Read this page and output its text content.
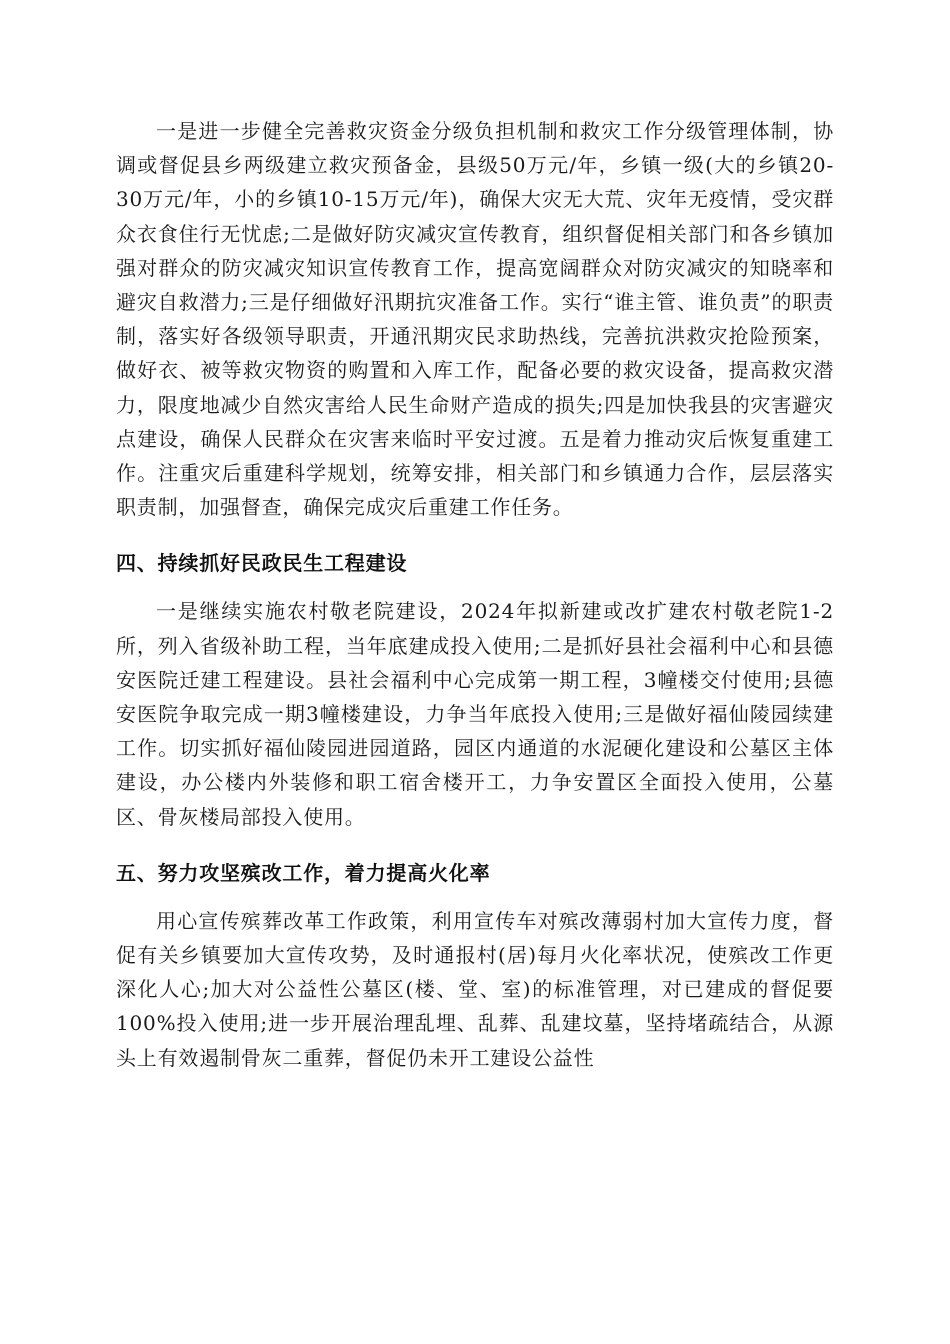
一是进一步健全完善救灾资金分级负担机制和救灾工作分级管理体制，协调或督促县乡两级建立救灾预备金，县级50万元/年，乡镇一级(大的乡镇20-30万元/年，小的乡镇10-15万元/年)，确保大灾无大荒、灾年无疫情，受灾群众衣食住行无忧虑;二是做好防灾减灾宣传教育，组织督促相关部门和各乡镇加强对群众的防灾减灾知识宣传教育工作，提高宽阔群众对防灾减灾的知晓率和避灾自救潜力;三是仔细做好汛期抗灾准备工作。实行“谁主管、谁负责”的职责制，落实好各级领导职责，开通汛期灾民求助热线，完善抗洪救灾抢险预案，做好衣、被等救灾物资的购置和入库工作，配备必要的救灾设备，提高救灾潜力，限度地减少自然灾害给人民生命财产造成的损失;四是加快我县的灾害避灾点建设，确保人民群众在灾害来临时平安过渡。五是着力推动灾后恢复重建工作。注重灾后重建科学规划，统筹安排，相关部门和乡镇通力合作，层层落实职责制，加强督查，确保完成灾后重建工作任务。

四、持续抓好民政民生工程建设

一是继续实施农村敬老院建设，2024年拟新建或改扩建农村敬老院1-2所，列入省级补助工程，当年底建成投入使用;二是抓好县社会福利中心和县德安医院迁建工程建设。县社会福利中心完成第一期工程，3幢楼交付使用;县德安医院争取完成一期3幢楼建设，力争当年底投入使用;三是做好福仙陵园续建工作。切实抓好福仙陵园进园道路，园区内通道的水泥硬化建设和公墓区主体建设，办公楼内外装修和职工宿舍楼开工，力争安置区全面投入使用，公墓区、骨灰楼局部投入使用。

五、努力攻坚殡改工作，着力提高火化率

用心宣传殡葬改革工作政策，利用宣传车对殡改薄弱村加大宣传力度，督促有关乡镇要加大宣传攻势，及时通报村(居)每月火化率状况，使殡改工作更深化人心;加大对公益性公墓区(楼、堂、室)的标准管理，对已建成的督促要100%投入使用;进一步开展治理乱埋、乱葬、乱建坟墓，坚持堵疏结合，从源头上有效遏制骨灰二重葬，督促仍未开工建设公益性
